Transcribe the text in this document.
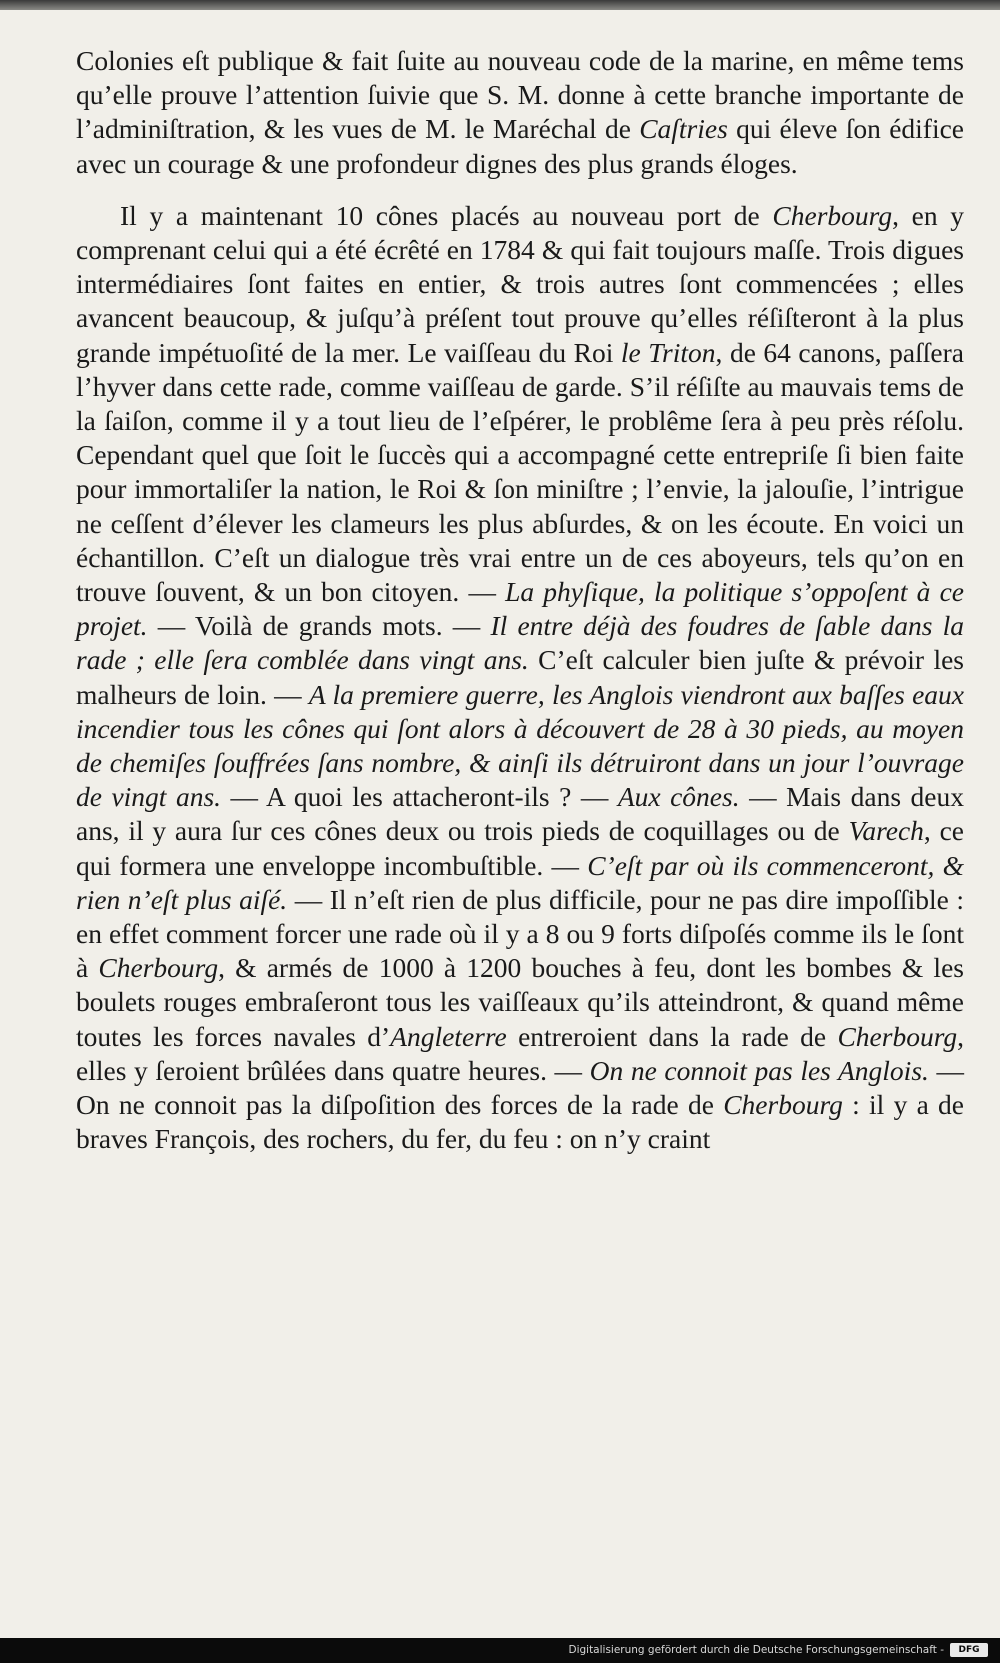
Colonies eſt publique & fait ſuite au nouveau code de la marine, en même tems qu’elle prouve l’attention ſuivie que S. M. donne à cette branche importante de l’adminiſtration, & les vues de M. le Maréchal de Caſtries qui éleve ſon édifice avec un courage & une profondeur dignes des plus grands éloges.

Il y a maintenant 10 cônes placés au nouveau port de Cherbourg, en y comprenant celui qui a été écrêté en 1784 & qui fait toujours maſſe. Trois digues intermédiaires ſont faites en entier, & trois autres ſont commencées ; elles avancent beaucoup, & juſqu’à préſent tout prouve qu’elles réſiſteront à la plus grande impétuoſité de la mer. Le vaiſſeau du Roi le Triton, de 64 canons, paſſera l’hyver dans cette rade, comme vaiſſeau de garde. S’il réſiſte au mauvais tems de la ſaiſon, comme il y a tout lieu de l’eſpérer, le problême ſera à peu près réſolu. Cependant quel que ſoit le ſuccès qui a accompagné cette entrepriſe ſi bien faite pour immortaliſer la nation, le Roi & ſon miniſtre ; l’envie, la jalouſie, l’intrigue ne ceſſent d’élever les clameurs les plus abſurdes, & on les écoute. En voici un échantillon. C’eſt un dialogue très vrai entre un de ces aboyeurs, tels qu’on en trouve ſouvent, & un bon citoyen. — La phyſique, la politique s’oppoſent à ce projet. — Voilà de grands mots. — Il entre déjà des foudres de ſable dans la rade ; elle ſera comblée dans vingt ans. C’eſt calculer bien juſte & prévoir les malheurs de loin. — A la premiere guerre, les Anglois viendront aux baſſes eaux incendier tous les cônes qui ſont alors à découvert de 28 à 30 pieds, au moyen de chemiſes ſouffrées ſans nombre, & ainſi ils détruiront dans un jour l’ouvrage de vingt ans. — A quoi les attacheront-ils ? — Aux cônes. — Mais dans deux ans, il y aura ſur ces cônes deux ou trois pieds de coquillages ou de Varech, ce qui formera une enveloppe incombuſtible. — C’eſt par où ils commenceront, & rien n’eſt plus aiſé. — Il n’eſt rien de plus difficile, pour ne pas dire impoſſible : en effet comment forcer une rade où il y a 8 ou 9 forts diſpoſés comme ils le ſont à Cherbourg, & armés de 1000 à 1200 bouches à feu, dont les bombes & les boulets rouges embraſeront tous les vaiſſeaux qu’ils atteindront, & quand même toutes les forces navales d’Angleterre entreroient dans la rade de Cherbourg, elles y ſeroient brûlées dans quatre heures. — On ne connoit pas les Anglois. — On ne connoit pas la diſpoſition des forces de la rade de Cherbourg : il y a de braves François, des rochers, du fer, du feu : on n’y craint

Digitalisierung gefördert durch die Deutsche Forschungsgemeinschaft -	DFG
